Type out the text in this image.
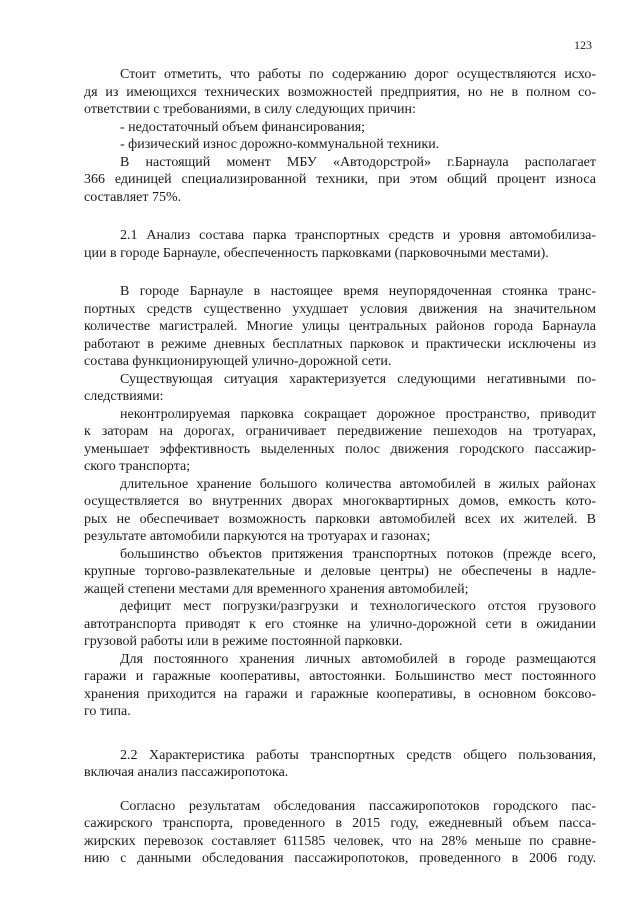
123
Стоит отметить, что работы по содержанию дорог осуществляются исхо-
дя из имеющихся технических возможностей предприятия, но не в полном со-
ответствии с требованиями, в силу следующих причин:
- недостаточный объем финансирования;
- физический износ дорожно-коммунальной техники.
В настоящий момент МБУ «Автодорстрой» г.Барнаула располагает
366 единицей специализированной техники, при этом общий процент износа
составляет 75%.
2.1 Анализ состава парка транспортных средств и уровня автомобилиза-
ции в городе Барнауле, обеспеченность парковками (парковочными местами).
В городе Барнауле в настоящее время неупорядоченная стоянка транс-
портных средств существенно ухудшает условия движения на значительном
количестве магистралей. Многие улицы центральных районов города Барнаула
работают в режиме дневных бесплатных парковок и практически исключены из
состава функционирующей улично-дорожной сети.
Существующая ситуация характеризуется следующими негативными по-
следствиями:
неконтролируемая парковка сокращает дорожное пространство, приводит
к заторам на дорогах, ограничивает передвижение пешеходов на тротуарах,
уменьшает эффективность выделенных полос движения городского пассажир-
ского транспорта;
длительное хранение большого количества автомобилей в жилых районах
осуществляется во внутренних дворах многоквартирных домов, емкость кото-
рых не обеспечивает возможность парковки автомобилей всех их жителей. В
результате автомобили паркуются на тротуарах и газонах;
большинство объектов притяжения транспортных потоков (прежде всего,
крупные торгово-развлекательные и деловые центры) не обеспечены в надле-
жащей степени местами для временного хранения автомобилей;
дефицит мест погрузки/разгрузки и технологического отстоя грузового
автотранспорта приводят к его стоянке на улично-дорожной сети в ожидании
грузовой работы или в режиме постоянной парковки.
Для постоянного хранения личных автомобилей в городе размещаются
гаражи и гаражные кооперативы, автостоянки. Большинство мест постоянного
хранения приходится на гаражи и гаражные кооперативы, в основном боксово-
го типа.
2.2 Характеристика работы транспортных средств общего пользования,
включая анализ пассажиропотока.
Согласно результатам обследования пассажиропотоков городского пас-
сажирского транспорта, проведенного в 2015 году, ежедневный объем пасса-
жирских перевозок составляет 611585 человек, что на 28% меньше по сравне-
нию с данными обследования пассажиропотоков, проведенного в 2006 году.
